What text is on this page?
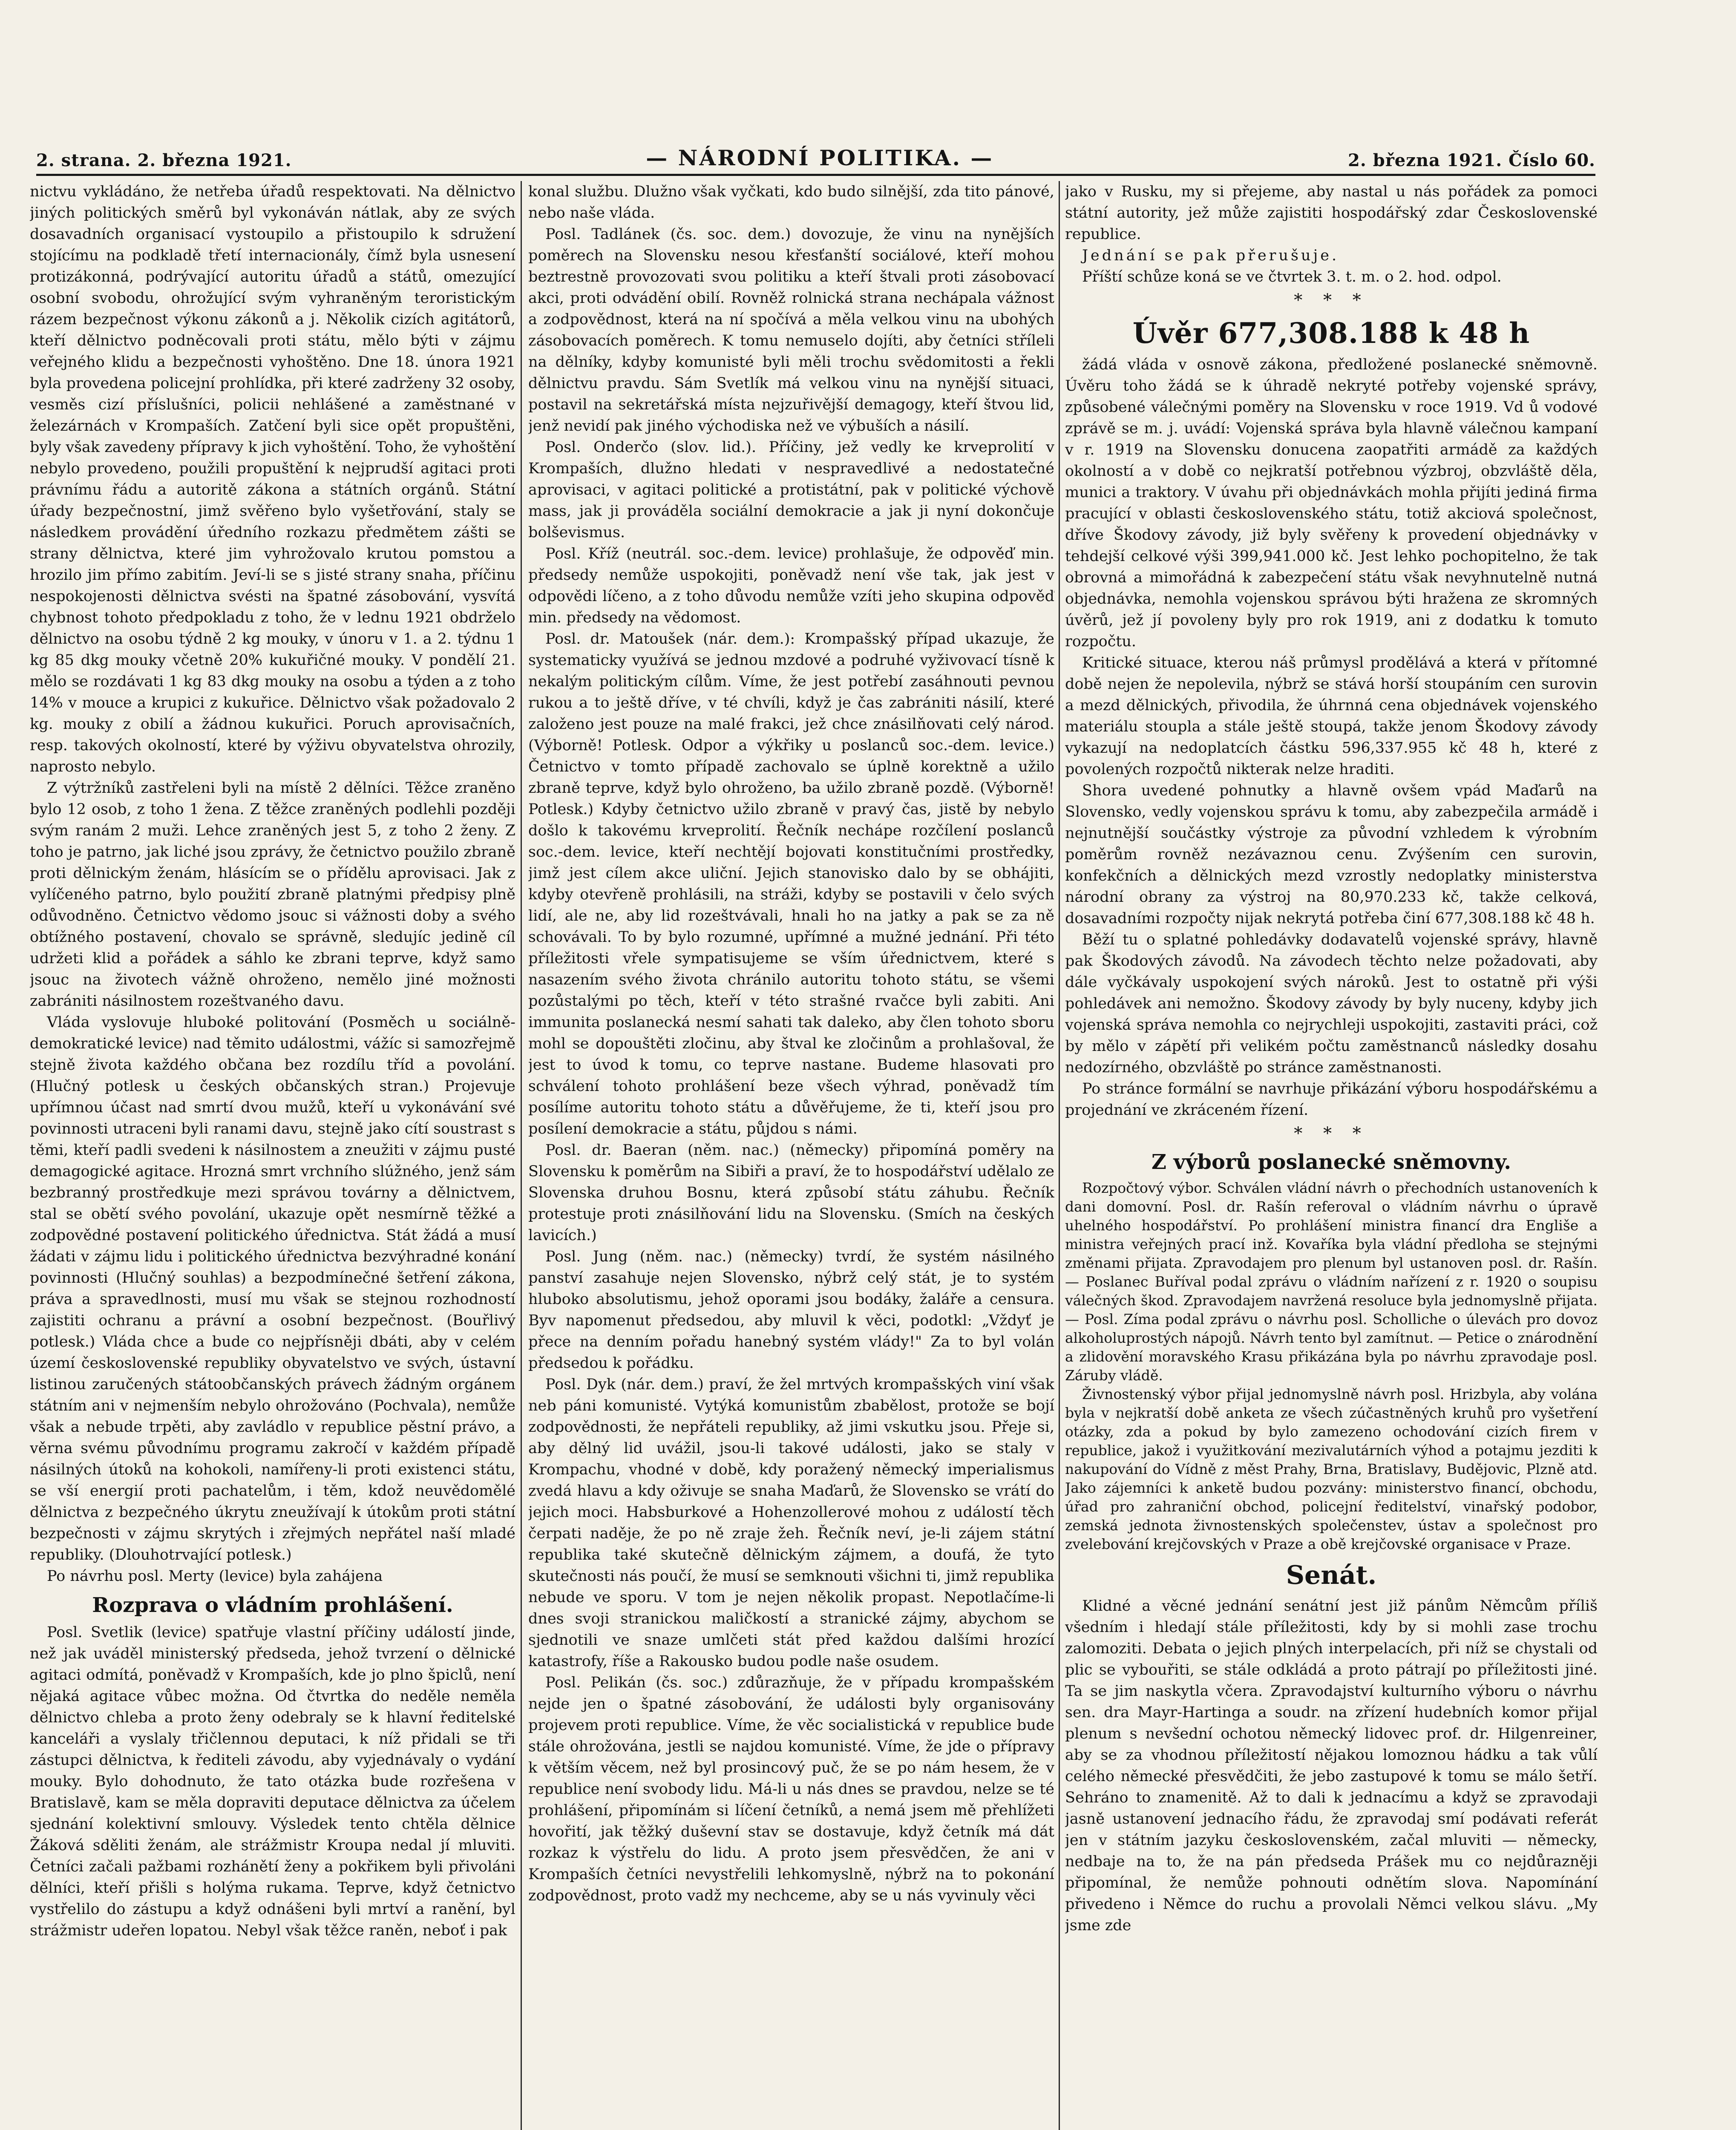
2. strana. 2. března 1921.	— NÁRODNÍ POLITIKA. —	2. března 1921. Číslo 60.

nictvu vykládáno, že netřeba úřadů respektovati. Na dělnictvo jiných politických směrů byl vykonáván nátlak, aby ze svých dosavadních organisací vystoupilo a přistoupilo k sdružení stojícímu na podkladě třetí internacionály, čímž byla usnesení protizákonná, podrývající autoritu úřadů a států, omezující osobní svobodu, ohrožující svým vyhraněným teroristickým rázem bezpečnost výkonu zákonů a j. Několik cizích agitátorů, kteří dělnictvo podněcovali proti státu, mělo býti v zájmu veřejného klidu a bezpečnosti vyhoštěno. Dne 18. února 1921 byla provedena policejní prohlídka, při které zadrženy 32 osoby, vesměs cizí příslušníci, policii nehlášené a zaměstnané v železárnách v Krompaších. Zatčení byli sice opět propuštěni, byly však zavedeny přípravy k jich vyhoštění. Toho, že vyhoštění nebylo provedeno, použili propuštění k nejprudší agitaci proti právnímu řádu a autoritě zákona a státních orgánů. Státní úřady bezpečnostní, jimž svěřeno bylo vyšetřování, staly se následkem provádění úředního rozkazu předmětem zášti se strany dělnictva, které jim vyhrožovalo krutou pomstou a hrozilo jim přímo zabitím. Jeví-li se s jisté strany snaha, příčinu nespokojenosti dělnictva svésti na špatné zásobování, vysvítá chybnost tohoto předpokladu z toho, že v lednu 1921 obdrželo dělnictvo na osobu týdně 2 kg mouky, v únoru v 1. a 2. týdnu 1 kg 85 dkg mouky včetně 20% kukuřičné mouky. V pondělí 21. mělo se rozdávati 1 kg 83 dkg mouky na osobu a týden a z toho 14% v mouce a krupici z kukuřice. Dělnictvo však požadovalo 2 kg. mouky z obilí a žádnou kukuřici. Poruch aprovisačních, resp. takových okolností, které by výživu obyvatelstva ohrozily, naprosto nebylo.

Z výtržníků zastřeleni byli na místě 2 dělníci. Těžce zraněno bylo 12 osob, z toho 1 žena. Z těžce zraněných podlehli později svým ranám 2 muži. Lehce zraněných jest 5, z toho 2 ženy. Z toho je patrno, jak liché jsou zprávy, že četnictvo použilo zbraně proti dělnickým ženám, hlásícím se o přídělu aprovisaci. Jak z vylíčeného patrno, bylo použití zbraně platnými předpisy plně odůvodněno. Četnictvo vědomo jsouc si vážnosti doby a svého obtížného postavení, chovalo se správně, sledujíc jedině cíl udržeti klid a pořádek a sáhlo ke zbrani teprve, když samo jsouc na životech vážně ohroženo, nemělo jiné možnosti zabrániti násilnostem rozeštvaného davu.

Vláda vyslovuje hluboké politování (Posměch u sociálně-demokratické levice) nad těmito událostmi, vážíc si samozřejmě stejně života každého občana bez rozdílu tříd a povolání. (Hlučný potlesk u českých občanských stran.) Projevuje upřímnou účast nad smrtí dvou mužů, kteří u vykonávání své povinnosti utraceni byli ranami davu, stejně jako cítí soustrast s těmi, kteří padli svedeni k násilnostem a zneužiti v zájmu pusté demagogické agitace. Hrozná smrt vrchního slúžného, jenž sám bezbranný prostředkuje mezi správou továrny a dělnictvem, stal se obětí svého povolání, ukazuje opět nesmírně těžké a zodpovědné postavení politického úřednictva. Stát žádá a musí žádati v zájmu lidu i politického úřednictva bezvýhradné konání povinnosti (Hlučný souhlas) a bezpodmínečné šetření zákona, práva a spravedlnosti, musí mu však se stejnou rozhodností zajistiti ochranu a právní a osobní bezpečnost. (Bouřlivý potlesk.) Vláda chce a bude co nejpřísněji dbáti, aby v celém území československé republiky obyvatelstvo ve svých, ústavní listinou zaručených státoobčanských právech žádným orgánem státním ani v nejmenším nebylo ohrožováno (Pochvala), nemůže však a nebude trpěti, aby zavládlo v republice pěstní právo, a věrna svému původnímu programu zakročí v každém případě násilných útoků na kohokoli, namířeny-li proti existenci státu, se vší energií proti pachatelům, i těm, kdož neuvědomělé dělnictva z bezpečného úkrytu zneužívají k útokům proti státní bezpečnosti v zájmu skrytých i zřejmých nepřátel naší mladé republiky. (Dlouhotrvající potlesk.)

Po návrhu posl. Merty (levice) byla zahájena

Rozprava o vládním prohlášení.

Posl. Svetlik (levice) spatřuje vlastní příčiny událostí jinde, než jak uváděl ministerský předseda, jehož tvrzení o dělnické agitaci odmítá, poněvadž v Krompaších, kde jo plno špiclů, není nějaká agitace vůbec možna. Od čtvrtka do neděle neměla dělnictvo chleba a proto ženy odebraly se k hlavní ředitelské kanceláři a vyslaly třičlennou deputaci, k níž přidali se tři zástupci dělnictva, k řediteli závodu, aby vyjednávaly o vydání mouky. Bylo dohodnuto, že tato otázka bude rozřešena v Bratislavě, kam se měla dopraviti deputace dělnictva za účelem sjednání kolektivní smlouvy. Výsledek tento chtěla dělnice Žáková sděliti ženám, ale strážmistr Kroupa nedal jí mluviti. Četníci začali pažbami rozhánětí ženy a pokřikem byli přivoláni dělníci, kteří přišli s holýma rukama. Teprve, když četnictvo vystřelilo do zástupu a když odnášeni byli mrtví a ranění, byl strážmistr udeřen lopatou. Nebyl však těžce raněn, neboť i pak

konal službu. Dlužno však vyčkati, kdo budo silnější, zda tito pánové, nebo naše vláda.

Posl. Tadlánek (čs. soc. dem.) dovozuje, že vinu na nynějších poměrech na Slovensku nesou křesťanští sociálové, kteří mohou beztrestně provozovati svou politiku a kteří štvali proti zásobovací akci, proti odvádění obilí. Rovněž rolnická strana nechápala vážnost a zodpovědnost, která na ní spočívá a měla velkou vinu na ubohých zásobovacích poměrech. K tomu nemuselo dojíti, aby četníci stříleli na dělníky, kdyby komunisté byli měli trochu svědomitosti a řekli dělnictvu pravdu. Sám Svetlík má velkou vinu na nynější situaci, postavil na sekretářská místa nejzuřivější demagogy, kteří štvou lid, jenž nevidí pak jiného východiska než ve výbuších a násilí.

Posl. Onderčo (slov. lid.). Příčiny, jež vedly ke krveprolití v Krompaších, dlužno hledati v nespravedlivé a nedostatečné aprovisaci, v agitaci politické a protistátní, pak v politické výchově mass, jak ji prováděla sociální demokracie a jak ji nyní dokončuje bolševismus.

Posl. Kříž (neutrál. soc.-dem. levice) prohlašuje, že odpověď min. předsedy nemůže uspokojiti, poněvadž není vše tak, jak jest v odpovědi líčeno, a z toho důvodu nemůže vzíti jeho skupina odpověď min. předsedy na vědomost.

Posl. dr. Matoušek (nár. dem.): Krompašský případ ukazuje, že systematicky využívá se jednou mzdové a podruhé vyživovací tísně k nekalým politickým cílům. Víme, že jest potřebí zasáhnouti pevnou rukou a to ještě dříve, v té chvíli, když je čas zabrániti násilí, které založeno jest pouze na malé frakci, jež chce znásilňovati celý národ. (Výborně! Potlesk. Odpor a výkřiky u poslanců soc.-dem. levice.) Četnictvo v tomto případě zachovalo se úplně korektně a užilo zbraně teprve, když bylo ohroženo, ba užilo zbraně pozdě. (Výborně! Potlesk.) Kdyby četnictvo užilo zbraně v pravý čas, jistě by nebylo došlo k takovému krveprolití. Řečník nechápe rozčílení poslanců soc.-dem. levice, kteří nechtějí bojovati konstitučními prostředky, jimž jest cílem akce uliční. Jejich stanovisko dalo by se obhájiti, kdyby otevřeně prohlásili, na stráži, kdyby se postavili v čelo svých lidí, ale ne, aby lid rozeštvávali, hnali ho na jatky a pak se za ně schovávali. To by bylo rozumné, upřímné a mužné jednání. Při této příležitosti vřele sympatisujeme se vším úřednictvem, které s nasazením svého života chránilo autoritu tohoto státu, se všemi pozůstalými po těch, kteří v této strašné rvačce byli zabiti. Ani immunita poslanecká nesmí sahati tak daleko, aby člen tohoto sboru mohl se dopouštěti zločinu, aby štval ke zločinům a prohlašoval, že jest to úvod k tomu, co teprve nastane. Budeme hlasovati pro schválení tohoto prohlášení beze všech výhrad, poněvadž tím posílíme autoritu tohoto státu a důvěřujeme, že ti, kteří jsou pro posílení demokracie a státu, půjdou s námi.

Posl. dr. Baeran (něm. nac.) (německy) připomíná poměry na Slovensku k poměrům na Sibiři a praví, že to hospodářství udělalo ze Slovenska druhou Bosnu, která způsobí státu záhubu. Řečník protestuje proti znásilňování lidu na Slovensku. (Smích na českých lavicích.)

Posl. Jung (něm. nac.) (německy) tvrdí, že systém násilného panství zasahuje nejen Slovensko, nýbrž celý stát, je to systém hluboko absolutismu, jehož oporami jsou bodáky, žaláře a censura. Byv napomenut předsedou, aby mluvil k věci, podotkl: „Vždyť je přece na denním pořadu hanebný systém vlády!" Za to byl volán předsedou k pořádku.

Posl. Dyk (nár. dem.) praví, že žel mrtvých krompašských viní však neb páni komunisté. Vytýká komunistům zbabělost, protože se bojí zodpovědnosti, že nepřáteli republiky, až jimi vskutku jsou. Přeje si, aby dělný lid uvážil, jsou-li takové události, jako se staly v Krompachu, vhodné v době, kdy poražený německý imperialismus zvedá hlavu a kdy oživuje se snaha Maďarů, že Slovensko se vrátí do jejich moci. Habsburkové a Hohenzollerové mohou z událostí těch čerpati naděje, že po ně zraje žeh. Řečník neví, je-li zájem státní republika také skutečně dělnickým zájmem, a doufá, že tyto skutečnosti nás poučí, že musí se semknouti všichni ti, jimž republika nebude ve sporu. V tom je nejen několik propast. Nepotlačíme-li dnes svoji stranickou maličkostí a stranické zájmy, abychom se sjednotili ve snaze umlčeti stát před každou dalšími hrozící katastrofy, říše a Rakousko budou podle naše osudem.

Posl. Pelikán (čs. soc.) zdůrazňuje, že v případu krompašském nejde jen o špatné zásobování, že události byly organisovány projevem proti republice. Víme, že věc socialistická v republice bude stále ohrožována, jestli se najdou komunisté. Víme, že jde o přípravy k větším věcem, než byl prosincový puč, že se po nám hesem, že v republice není svobody lidu. Má-li u nás dnes se pravdou, nelze se té prohlášení, připomínám si líčení četníků, a nemá jsem mě přehlížeti hovořití, jak těžký duševní stav se dostavuje, když četník má dát rozkaz k výstřelu do lidu. A proto jsem přesvědčen, že ani v Krompaších četníci nevystřelili lehkomyslně, nýbrž na to pokonání zodpovědnost, proto vadž my nechceme, aby se u nás vyvinuly věci

jako v Rusku, my si přejeme, aby nastal u nás pořádek za pomoci státní autority, jež může zajistiti hospodářský zdar Československé republice.

Jednání se pak přerušuje.

Příští schůze koná se ve čtvrtek 3. t. m. o 2. hod. odpol.

* * *
Úvěr 677,308.188 k 48 h

žádá vláda v osnově zákona, předložené poslanecké sněmovně. Úvěru toho žádá se k úhradě nekryté potřeby vojenské správy, způsobené válečnými poměry na Slovensku v roce 1919. Vd ů vodové zprávě se m. j. uvádí: Vojenská správa byla hlavně válečnou kampaní v r. 1919 na Slovensku donucena zaopatřiti armádě za každých okolností a v době co nejkratší potřebnou výzbroj, obzvláště děla, munici a traktory. V úvahu při objednávkách mohla přijíti jediná firma pracující v oblasti československého státu, totiž akciová společnost, dříve Škodovy závody, již byly svěřeny k provedení objednávky v tehdejší celkové výši 399,941.000 kč. Jest lehko pochopitelno, že tak obrovná a mimořádná k zabezpečení státu však nevyhnutelně nutná objednávka, nemohla vojenskou správou býti hražena ze skromných úvěrů, jež jí povoleny byly pro rok 1919, ani z dodatku k tomuto rozpočtu.

Kritické situace, kterou náš průmysl prodělává a která v přítomné době nejen že nepolevila, nýbrž se stává horší stoupáním cen surovin a mezd dělnických, přivodila, že úhrnná cena objednávek vojenského materiálu stoupla a stále ještě stoupá, takže jenom Škodovy závody vykazují na nedoplatcích částku 596,337.955 kč 48 h, které z povolených rozpočtů nikterak nelze hraditi.

Shora uvedené pohnutky a hlavně ovšem vpád Maďarů na Slovensko, vedly vojenskou správu k tomu, aby zabezpečila armádě i nejnutnější součástky výstroje za původní vzhledem k výrobním poměrům rovněž nezávaznou cenu. Zvýšením cen surovin, konfekčních a dělnických mezd vzrostly nedoplatky ministerstva národní obrany za výstroj na 80,970.233 kč, takže celková, dosavadními rozpočty nijak nekrytá potřeba činí 677,308.188 kč 48 h.

Běží tu o splatné pohledávky dodavatelů vojenské správy, hlavně pak Škodových závodů. Na závodech těchto nelze požadovati, aby dále vyčkávaly uspokojení svých nároků. Jest to ostatně při výši pohledávek ani nemožno. Škodovy závody by byly nuceny, kdyby jich vojenská správa nemohla co nejrychleji uspokojiti, zastaviti práci, což by mělo v zápětí při velikém počtu zaměstnanců následky dosahu nedozírného, obzvláště po stránce zaměstnanosti.

Po stránce formální se navrhuje přikázání výboru hospodářskému a projednání ve zkráceném řízení.

* * *
Z výborů poslanecké sněmovny.

Rozpočtový výbor. Schválen vládní návrh o přechodních ustanoveních k dani domovní. Posl. dr. Rašín referoval o vládním návrhu o úpravě uhelného hospodářství. Po prohlášení ministra financí dra Engliše a ministra veřejných prací inž. Kovaříka byla vládní předloha se stejnými změnami přijata. Zpravodajem pro plenum byl ustanoven posl. dr. Rašín. — Poslanec Buříval podal zprávu o vládním nařízení z r. 1920 o soupisu válečných škod. Zpravodajem navržená resoluce byla jednomyslně přijata. — Posl. Zíma podal zprávu o návrhu posl. Scholliche o úlevách pro dovoz alkoholuprostých nápojů. Návrh tento byl zamítnut. — Petice o znárodnění a zlidovění moravského Krasu přikázána byla po návrhu zpravodaje posl. Záruby vládě.

Živnostenský výbor přijal jednomyslně návrh posl. Hrizbyla, aby volána byla v nejkratší době anketa ze všech zúčastněných kruhů pro vyšetření otázky, zda a pokud by bylo zamezeno ochodování cizích firem v republice, jakož i využitkování mezivalutárních výhod a potajmu jezditi k nakupování do Vídně z měst Prahy, Brna, Bratislavy, Budějovic, Plzně atd. Jako zájemníci k anketě budou pozvány: ministerstvo financí, obchodu, úřad pro zahraniční obchod, policejní ředitelství, vinařský podobor, zemská jednota živnostenských společenstev, ústav a společnost pro zvelebování krejčovských v Praze a obě krejčovské organisace v Praze.

Senát.

Klidné a věcné jednání senátní jest již pánům Němcům příliš všedním i hledají stále příležitosti, kdy by si mohli zase trochu zalomoziti. Debata o jejich plných interpelacích, při níž se chystali od plic se vybouřiti, se stále odkládá a proto pátrají po příležitosti jiné. Ta se jim naskytla včera. Zpravodajství kulturního výboru o návrhu sen. dra Mayr-Hartinga a soudr. na zřízení hudebních komor přijal plenum s nevšední ochotou německý lidovec prof. dr. Hilgenreiner, aby se za vhodnou příležitostí nějakou lomoznou hádku a tak vůlí celého německé přesvědčiti, že jebo zastupové k tomu se málo šetří. Sehráno to znamenitě. Až to dali k jednacímu a když se zpravodaji jasně ustanovení jednacího řádu, že zpravodaj smí podávati referát jen v státním jazyku československém, začal mluviti — německy, nedbaje na to, že na pán předseda Prášek mu co nejdůrazněji připomínal, že nemůže pohnouti odnětím slova. Napomínání přivedeno i Němce do ruchu a provolali Němci velkou slávu. „My jsme zde
